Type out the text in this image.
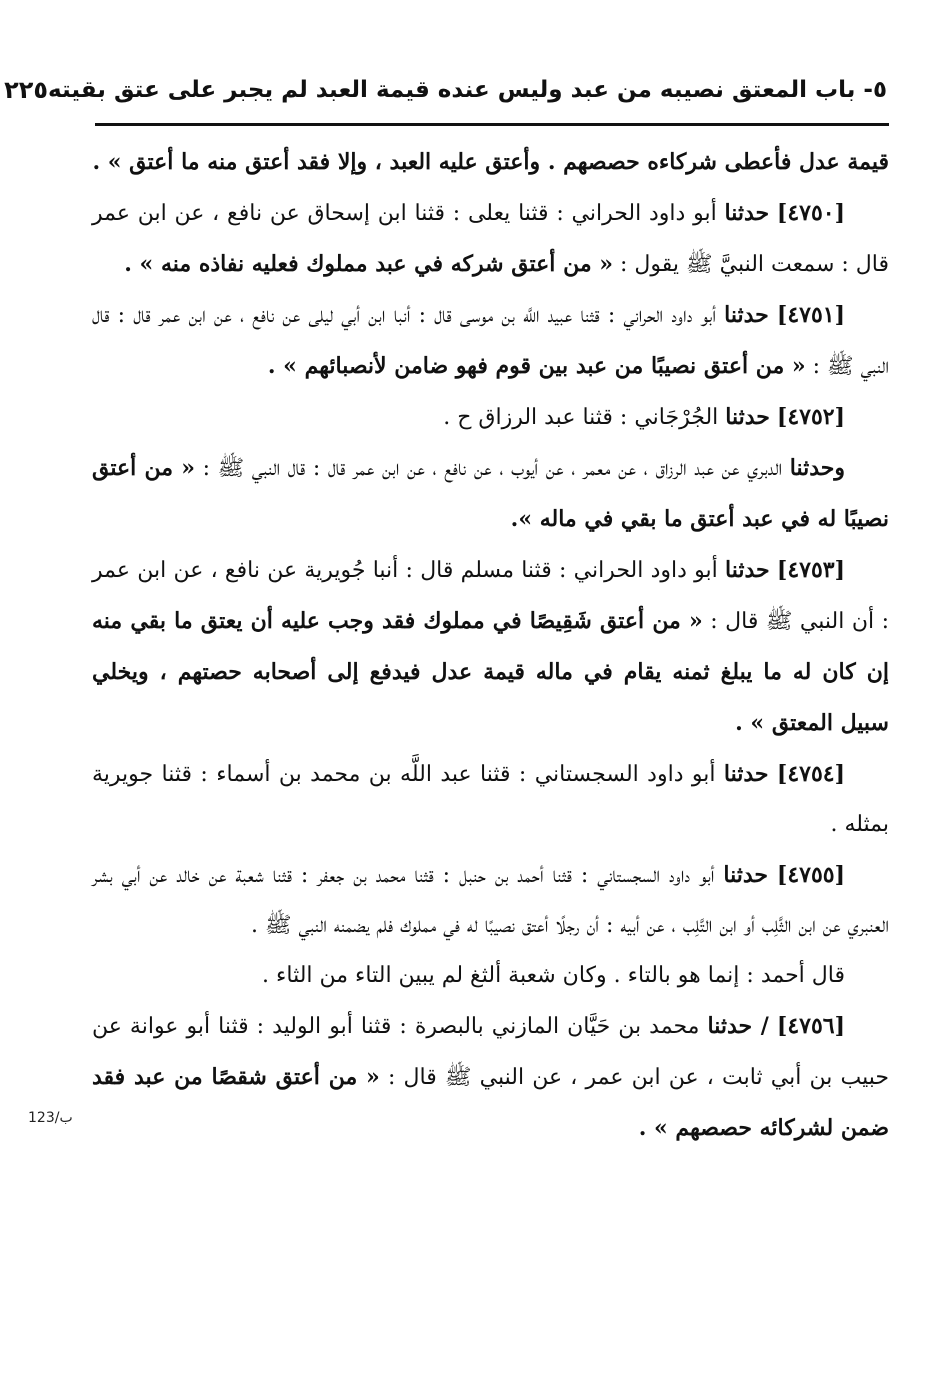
٥- باب المعتق نصيبه من عبد وليس عنده قيمة العبد لم يجبر على عتق بقيته
٢٢٥
123/ب

قيمة عدل فأعطى شركاءه حصصهم . وأعتق عليه العبد ، وإلا فقد أعتق منه ما أعتق » .

[٤٧٥٠] حدثنا أبو داود الحراني : قثنا يعلى : قثنا ابن إسحاق عن نافع ، عن ابن عمر قال : سمعت النبيَّ ﷺ يقول : « من أعتق شركه في عبد مملوك فعليه نفاذه منه » .

[٤٧٥١] حدثنا أبو داود الحراني : قثنا عبيد اللَّه بن موسى قال : أنبا ابن أبي ليلى عن نافع ، عن ابن عمر قال : قال النبي ﷺ : « من أعتق نصيبًا من عبد بين قوم فهو ضامن لأنصبائهم » .

[٤٧٥٢] حدثنا الجُرْجَاني : قثنا عبد الرزاق ح .

وحدثنا الدبري عن عبد الرزاق ، عن معمر ، عن أيوب ، عن نافع ، عن ابن عمر قال : قال النبي ﷺ : « من أعتق نصيبًا له في عبد أعتق ما بقي في ماله ».

[٤٧٥٣] حدثنا أبو داود الحراني : قثنا مسلم قال : أنبا جُويرية عن نافع ، عن ابن عمر : أن النبي ﷺ قال : « من أعتق شَقِيصًا في مملوك فقد وجب عليه أن يعتق ما بقي منه إن كان له ما يبلغ ثمنه يقام في ماله قيمة عدل فيدفع إلى أصحابه حصتهم ، ويخلي سبيل المعتق » .

[٤٧٥٤] حدثنا أبو داود السجستاني : قثنا عبد اللَّه بن محمد بن أسماء : قثنا جويرية بمثله .

[٤٧٥٥] حدثنا أبو داود السجستاني : قثنا أحمد بن حنبل : قثنا محمد بن جعفر : قثنا شعبة عن خالد عن أبي بشر العنبري عن ابن الثَّلِب أو ابن التَّلِب ، عن أبيه : أن رجلًا أعتق نصيبًا له في مملوك فلم يضمنه النبي ﷺ .

قال أحمد : إنما هو بالتاء . وكان شعبة ألثغ لم يبين التاء من الثاء .

[٤٧٥٦] / حدثنا محمد بن حَيَّان المازني بالبصرة : قثنا أبو الوليد : قثنا أبو عوانة عن حبيب بن أبي ثابت ، عن ابن عمر ، عن النبي ﷺ قال : « من أعتق شقصًا من عبد فقد ضمن لشركائه حصصهم » .
